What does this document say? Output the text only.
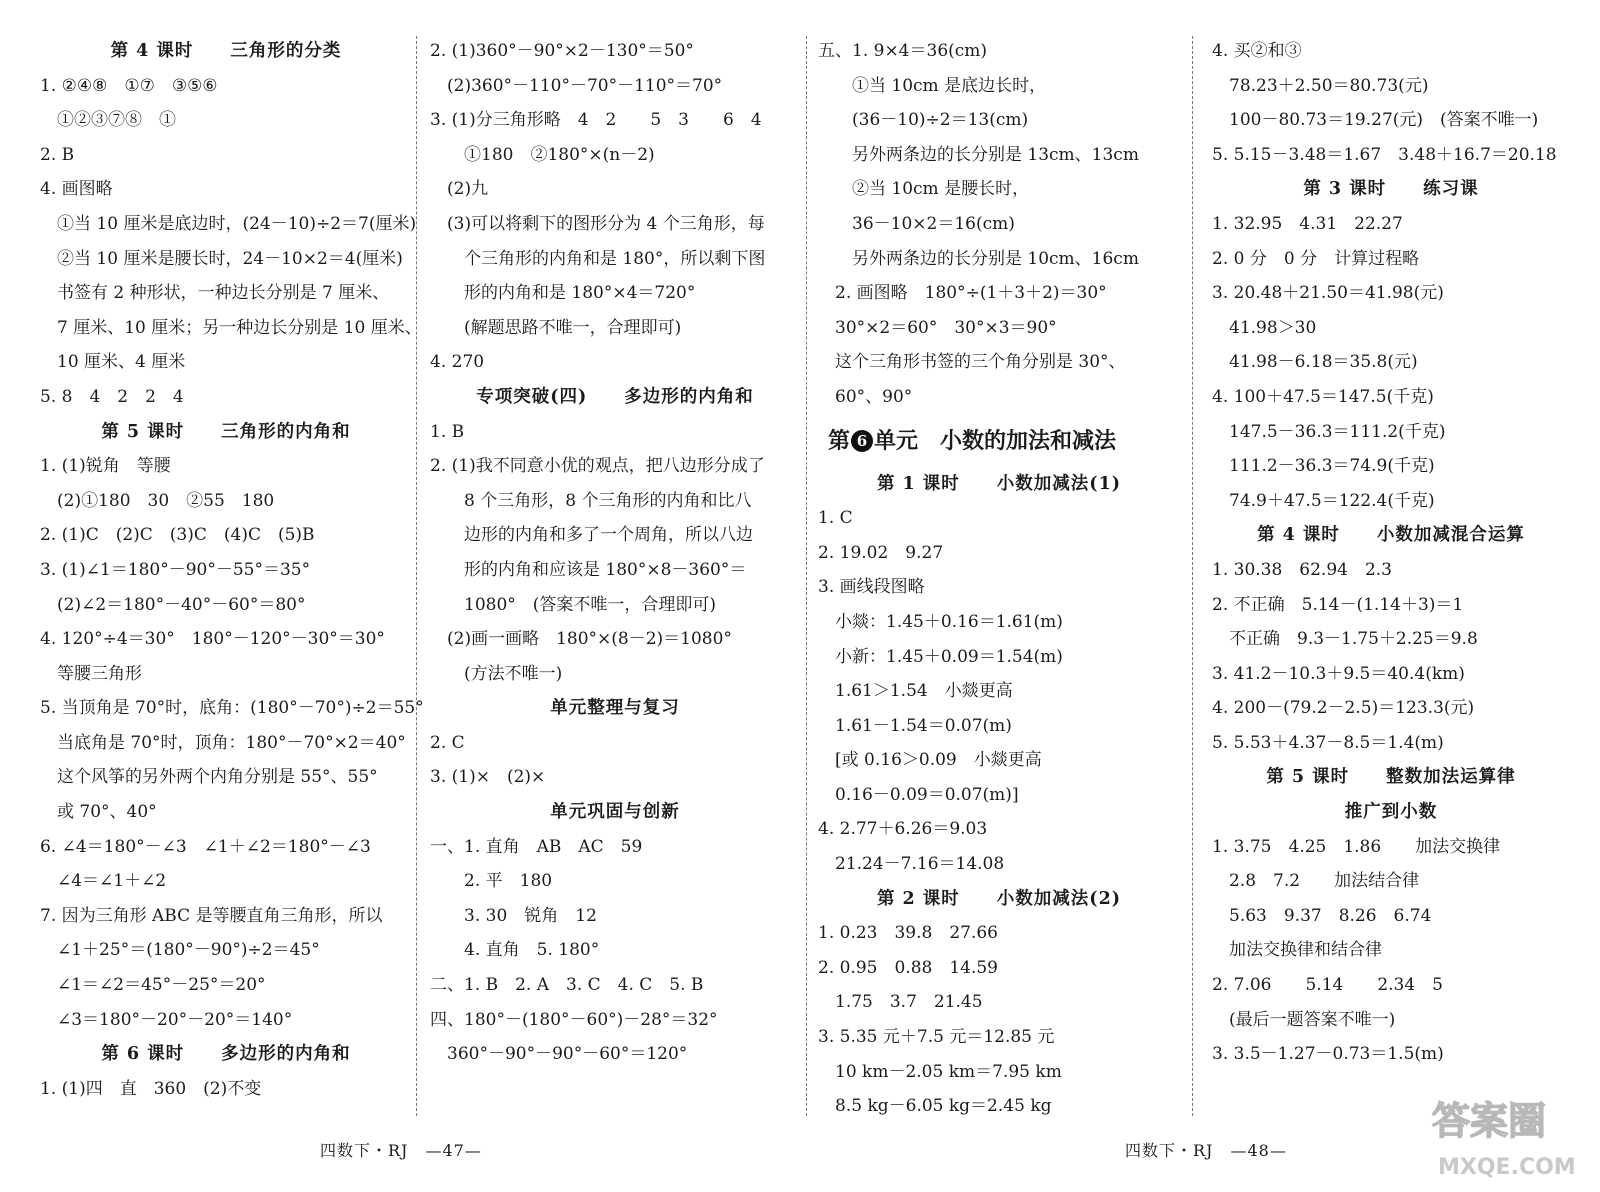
第 4 课时　　三角形的分类
1. ②④⑧　①⑦　③⑤⑥
　①②③⑦⑧　①
2. B
4. 画图略
　①当 10 厘米是底边时，(24－10)÷2＝7(厘米)
　②当 10 厘米是腰长时，24－10×2＝4(厘米)
　书签有 2 种形状，一种边长分别是 7 厘米、
　7 厘米、10 厘米；另一种边长分别是 10 厘米、
　10 厘米、4 厘米
5. 8　4　2　2　4
第 5 课时　　三角形的内角和
1. (1)锐角　等腰
　(2)①180　30　②55　180
2. (1)C　(2)C　(3)C　(4)C　(5)B
3. (1)∠1＝180°－90°－55°＝35°
　(2)∠2＝180°－40°－60°＝80°
4. 120°÷4＝30°　180°－120°－30°＝30°
　等腰三角形
5. 当顶角是 70°时，底角：(180°－70°)÷2＝55°
　当底角是 70°时，顶角：180°－70°×2＝40°
　这个风筝的另外两个内角分别是 55°、55°
　或 70°、40°
6. ∠4＝180°－∠3　∠1＋∠2＝180°－∠3
　∠4＝∠1＋∠2
7. 因为三角形 ABC 是等腰直角三角形，所以
　∠1＋25°＝(180°－90°)÷2＝45°
　∠1＝∠2＝45°－25°＝20°
　∠3＝180°－20°－20°＝140°
第 6 课时　　多边形的内角和
1. (1)四　直　360　(2)不变
2. (1)360°－90°×2－130°＝50°
　(2)360°－110°－70°－110°＝70°
3. (1)分三角形略　4　2　　5　3　　6　4
　　①180　②180°×(n－2)
　(2)九
　(3)可以将剩下的图形分为 4 个三角形，每
　　个三角形的内角和是 180°，所以剩下图
　　形的内角和是 180°×4＝720°
　　(解题思路不唯一，合理即可)
4. 270
专项突破(四)　　多边形的内角和
1. B
2. (1)我不同意小优的观点，把八边形分成了
　　8 个三角形，8 个三角形的内角和比八
　　边形的内角和多了一个周角，所以八边
　　形的内角和应该是 180°×8－360°＝
　　1080°　(答案不唯一，合理即可)
　(2)画一画略　180°×(8－2)＝1080°
　　(方法不唯一)
单元整理与复习
2. C
3. (1)×　(2)×
单元巩固与创新
一、1. 直角　AB　AC　59
　　2. 平　180
　　3. 30　锐角　12
　　4. 直角　5. 180°
二、1. B　2. A　3. C　4. C　5. B
四、180°－(180°－60°)－28°＝32°
　360°－90°－90°－60°＝120°
五、1. 9×4＝36(cm)
　　①当 10cm 是底边长时，
　　(36－10)÷2＝13(cm)
　　另外两条边的长分别是 13cm、13cm
　　②当 10cm 是腰长时，
　　36－10×2＝16(cm)
　　另外两条边的长分别是 10cm、16cm
　2. 画图略　180°÷(1＋3＋2)＝30°
　30°×2＝60°　30°×3＝90°
　这个三角形书签的三个角分别是 30°、
　60°、90°
第 6 单元　小数的加法和减法
第 1 课时　　小数加减法(1)
1. C
2. 19.02　9.27
3. 画线段图略
　小燚：1.45＋0.16＝1.61(m)
　小新：1.45＋0.09＝1.54(m)
　1.61＞1.54　小燚更高
　1.61－1.54＝0.07(m)
　[或 0.16＞0.09　小燚更高
　0.16－0.09＝0.07(m)]
4. 2.77＋6.26＝9.03
　21.24－7.16＝14.08
第 2 课时　　小数加减法(2)
1. 0.23　39.8　27.66
2. 0.95　0.88　14.59
　1.75　3.7　21.45
3. 5.35 元＋7.5 元＝12.85 元
　10 km－2.05 km＝7.95 km
　8.5 kg－6.05 kg＝2.45 kg
4. 买②和③
　78.23＋2.50＝80.73(元)
　100－80.73＝19.27(元)　(答案不唯一)
5. 5.15－3.48＝1.67　3.48＋16.7＝20.18
第 3 课时　　练习课
1. 32.95　4.31　22.27
2. 0 分　0 分　计算过程略
3. 20.48＋21.50＝41.98(元)
　41.98＞30
　41.98－6.18＝35.8(元)
4. 100＋47.5＝147.5(千克)
　147.5－36.3＝111.2(千克)
　111.2－36.3＝74.9(千克)
　74.9＋47.5＝122.4(千克)
第 4 课时　　小数加减混合运算
1. 30.38　62.94　2.3
2. 不正确　5.14－(1.14＋3)＝1
　不正确　9.3－1.75＋2.25＝9.8
3. 41.2－10.3＋9.5＝40.4(km)
4. 200－(79.2－2.5)＝123.3(元)
5. 5.53＋4.37－8.5＝1.4(m)
第 5 课时　　整数加法运算律
推广到小数
1. 3.75　4.25　1.86　　加法交换律
　2.8　7.2　　加法结合律
　5.63　9.37　8.26　6.74
　加法交换律和结合律
2. 7.06　　5.14　　2.34　5
　(最后一题答案不唯一)
3. 3.5－1.27－0.73＝1.5(m)
四数下・RJ　—47—	四数下・RJ　—48—
答案圈
MXQE.COM
